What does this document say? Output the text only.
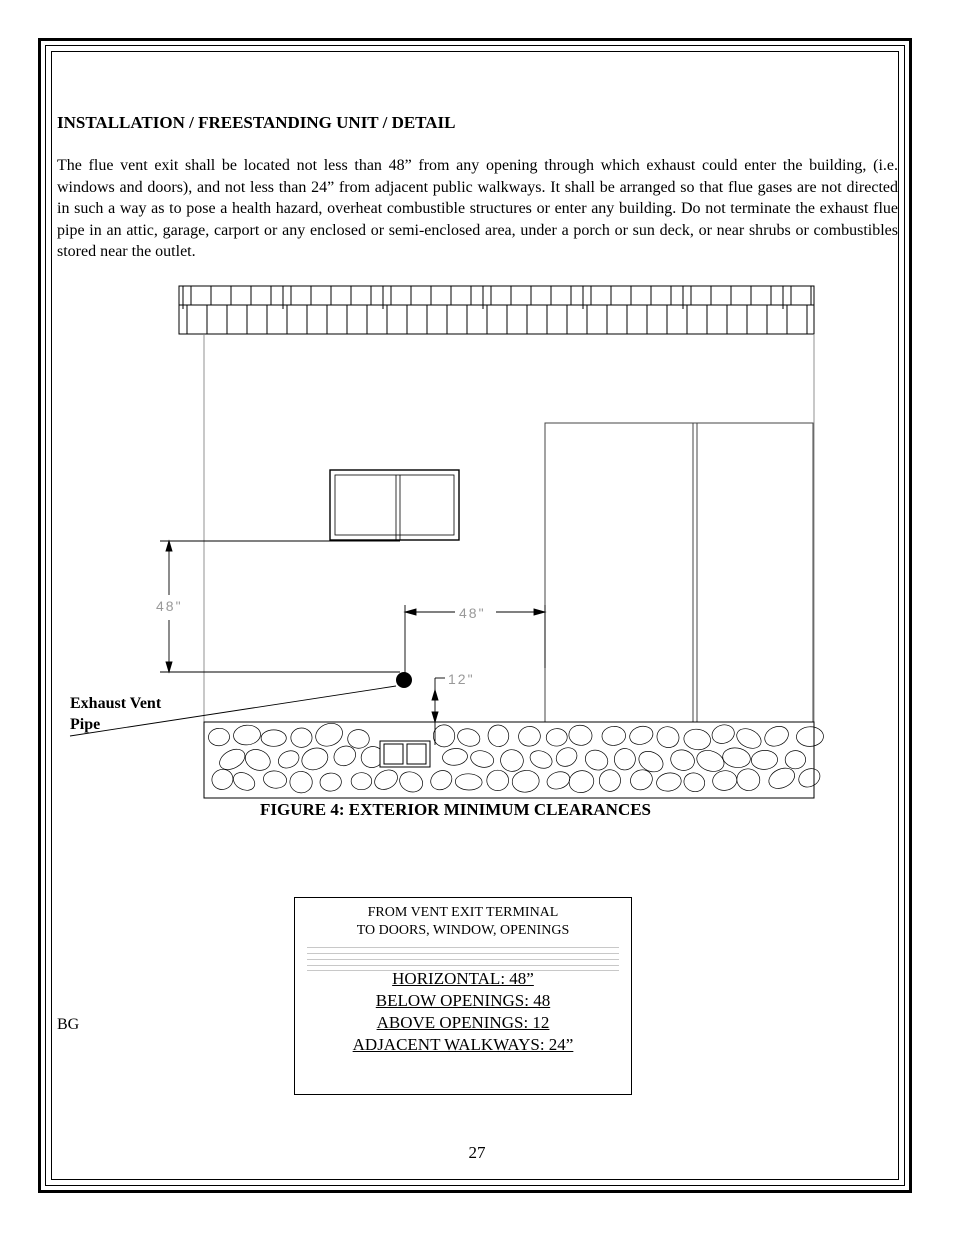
INSTALLATION / FREESTANDING UNIT / DETAIL

The flue vent exit shall be located not less than 48” from any opening through which exhaust could enter the building, (i.e. windows and doors), and not less than 24” from adjacent public walkways. It shall be arranged so that flue gases are not directed in such a way as to pose a health hazard, overheat combustible structures or enter any building. Do not terminate the exhaust flue pipe in an attic, garage, carport or any enclosed or semi-enclosed area, under a porch or sun deck, or near shrubs or combustibles stored near the outlet.

48"	48"
12"
Exhaust Vent
Pipe
FIGURE 4: EXTERIOR MINIMUM CLEARANCES
FROM VENT EXIT TERMINAL
TO DOORS, WINDOW, OPENINGS
HORIZONTAL: 48”
BELOW OPENINGS: 48
ABOVE OPENINGS: 12
ADJACENT WALKWAYS: 24”
BG
27
